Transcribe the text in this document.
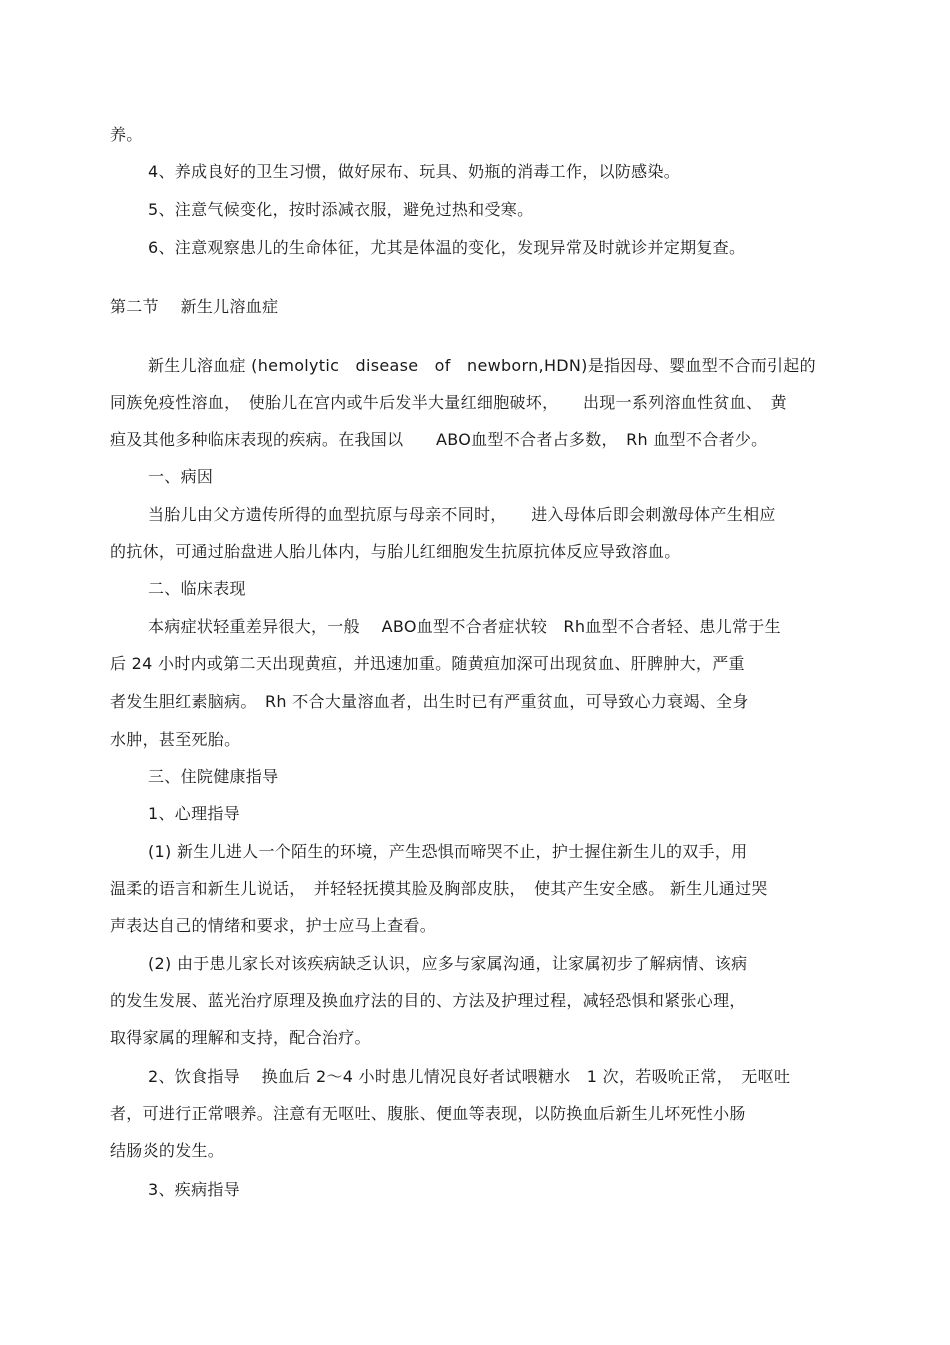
养。
4、养成良好的卫生习惯，做好尿布、玩具、奶瓶的消毒工作，以防感染。
5、注意气候变化，按时添减衣服，避免过热和受寒。
6、注意观察患儿的生命体征，尤其是体温的变化，发现异常及时就诊并定期复查。
第二节　 新生儿溶血症
新生儿溶血症 (hemolytic　disease　of　newborn,HDN)是指因母、婴血型不合而引起的
同族免疫性溶血，　使胎儿在宫内或牛后发半大量红细胞破坏，　　出现一系列溶血性贫血、　黄
疸及其他多种临床表现的疾病。在我国以　　ABO血型不合者占多数，　Rh 血型不合者少。
一、病因
当胎儿由父方遗传所得的血型抗原与母亲不同时，　　进入母体后即会刺激母体产生相应
的抗休，可通过胎盘进人胎儿体内，与胎儿红细胞发生抗原抗体反应导致溶血。
二、临床表现
本病症状轻重差异很大，一般　 ABO血型不合者症状较　Rh血型不合者轻、患儿常于生
后 24 小时内或第二天出现黄疸，并迅速加重。随黄疸加深可出现贫血、肝脾肿大，严重
者发生胆红素脑病。　Rh 不合大量溶血者，出生时已有严重贫血，可导致心力衰竭、全身
水肿，甚至死胎。
三、住院健康指导
1、心理指导
(1) 新生儿进人一个陌生的环境，产生恐惧而啼哭不止，护士握住新生儿的双手，用
温柔的语言和新生儿说话，　并轻轻抚摸其脸及胸部皮肤，　使其产生安全感。 新生儿通过哭
声表达自己的情绪和要求，护士应马上查看。
(2) 由于患儿家长对该疾病缺乏认识，应多与家属沟通，让家属初步了解病情、该病
的发生发展、蓝光治疗原理及换血疗法的目的、方法及护理过程，减轻恐惧和紧张心理，
取得家属的理解和支持，配合治疗。
2、饮食指导　 换血后 2～4 小时患儿情况良好者试喂糖水　1 次，若吸吮正常，　无呕吐
者，可进行正常喂养。注意有无呕吐、腹胀、便血等表现，以防换血后新生儿坏死性小肠
结肠炎的发生。
3、疾病指导
